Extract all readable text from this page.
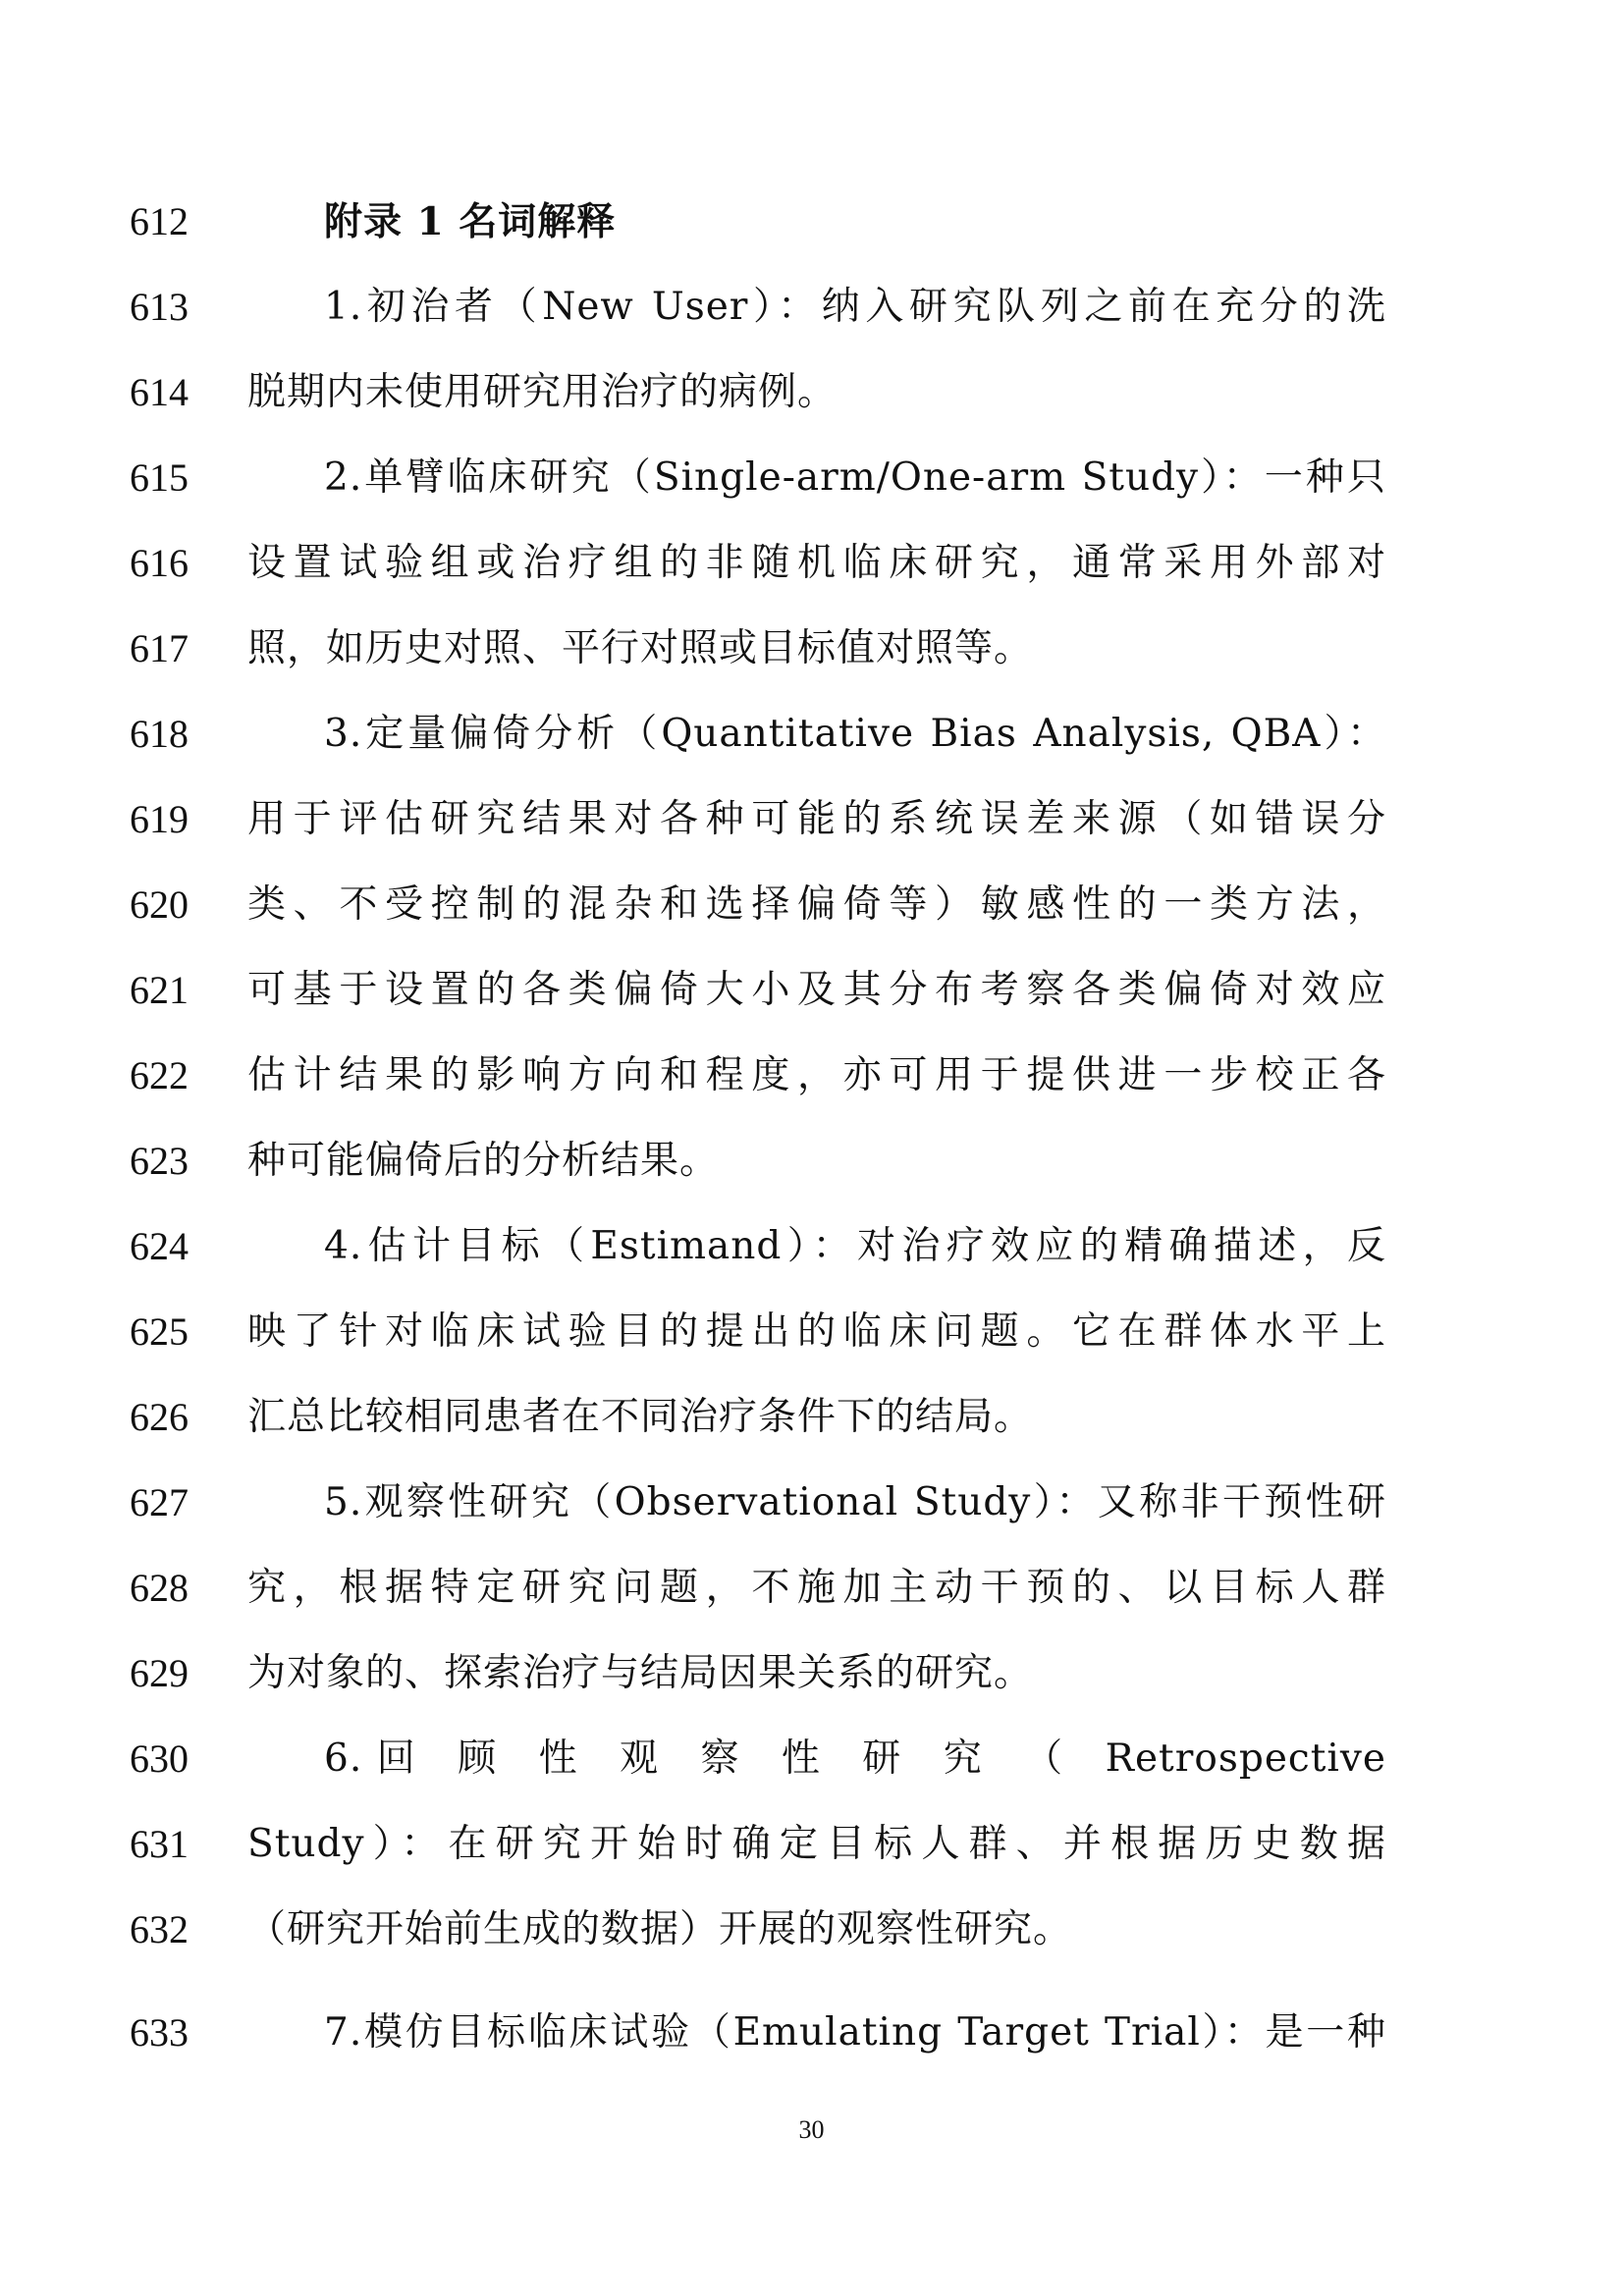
612	附录 1 名词解释
613	1.初治者（New User）：纳入研究队列之前在充分的洗
614	脱期内未使用研究用治疗的病例。
615	2.单臂临床研究（Single-arm/One-arm Study）：一种只
616	设置试验组或治疗组的非随机临床研究，通常采用外部对
617	照，如历史对照、平行对照或目标值对照等。
618	3.定量偏倚分析（Quantitative Bias Analysis, QBA）：
619	用于评估研究结果对各种可能的系统误差来源（如错误分
620	类、不受控制的混杂和选择偏倚等）敏感性的一类方法，
621	可基于设置的各类偏倚大小及其分布考察各类偏倚对效应
622	估计结果的影响方向和程度，亦可用于提供进一步校正各
623	种可能偏倚后的分析结果。
624	4.估计目标（Estimand）：对治疗效应的精确描述，反
625	映了针对临床试验目的提出的临床问题。它在群体水平上
626	汇总比较相同患者在不同治疗条件下的结局。
627	5.观察性研究（Observational Study）：又称非干预性研
628	究，根据特定研究问题，不施加主动干预的、以目标人群
629	为对象的、探索治疗与结局因果关系的研究。
630	6.回 顾 性 观 察 性 研 究 （ Retrospective
631	Study）：在研究开始时确定目标人群、并根据历史数据
632	（研究开始前生成的数据）开展的观察性研究。
633	7.模仿目标临床试验（Emulating Target Trial）：是一种
30
